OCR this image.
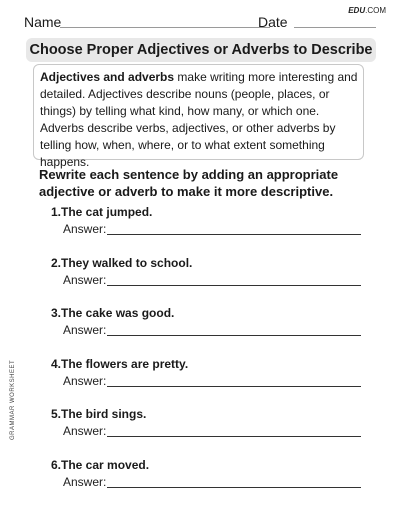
Name	Date
EDU.COM
Choose Proper Adjectives or Adverbs to Describe
Adjectives and adverbs make writing more interesting and detailed. Adjectives describe nouns (people, places, or things) by telling what kind, how many, or which one. Adverbs describe verbs, adjectives, or other adverbs by telling how, when, where, or to what extent something happens.
Rewrite each sentence by adding an appropriate adjective or adverb to make it more descriptive.
1.The cat jumped.
Answer:
2.They walked to school.
Answer:
3.The cake was good.
Answer:
4.The flowers are pretty.
Answer:
5.The bird sings.
Answer:
6.The car moved.
Answer:
GRAMMAR WORKSHEET
